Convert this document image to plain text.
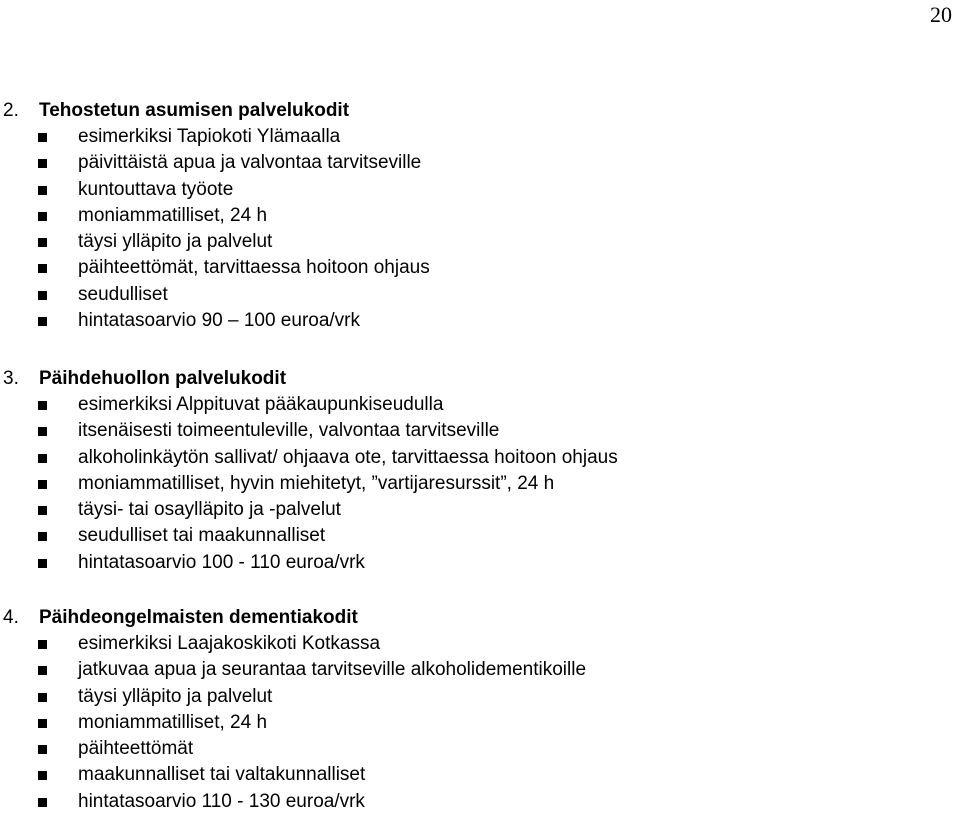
20
2. Tehostetun asumisen palvelukodit
esimerkiksi Tapiokoti Ylämaalla
päivittäistä apua ja valvontaa tarvitseville
kuntouttava työote
moniammatilliset, 24 h
täysi ylläpito ja palvelut
päihteettömät, tarvittaessa hoitoon ohjaus
seudulliset
hintatasoarvio 90 – 100 euroa/vrk
3. Päihdehuollon palvelukodit
esimerkiksi Alppituvat pääkaupunkiseudulla
itsenäisesti toimeentuleville, valvontaa tarvitseville
alkoholinkäytön sallivat/ ohjaava ote, tarvittaessa hoitoon ohjaus
moniammatilliset, hyvin miehitetyt, ”vartijaresurssit”, 24 h
täysi- tai osaylläpito ja -palvelut
seudulliset tai maakunnalliset
hintatasoarvio 100 - 110 euroa/vrk
4. Päihdeongelmaisten dementiakodit
esimerkiksi Laajakoskikoti Kotkassa
jatkuvaa apua ja seurantaa tarvitseville alkoholidementikoille
täysi ylläpito ja palvelut
moniammatilliset, 24 h
päihteettömät
maakunnalliset tai valtakunnalliset
hintatasoarvio 110 - 130 euroa/vrk
